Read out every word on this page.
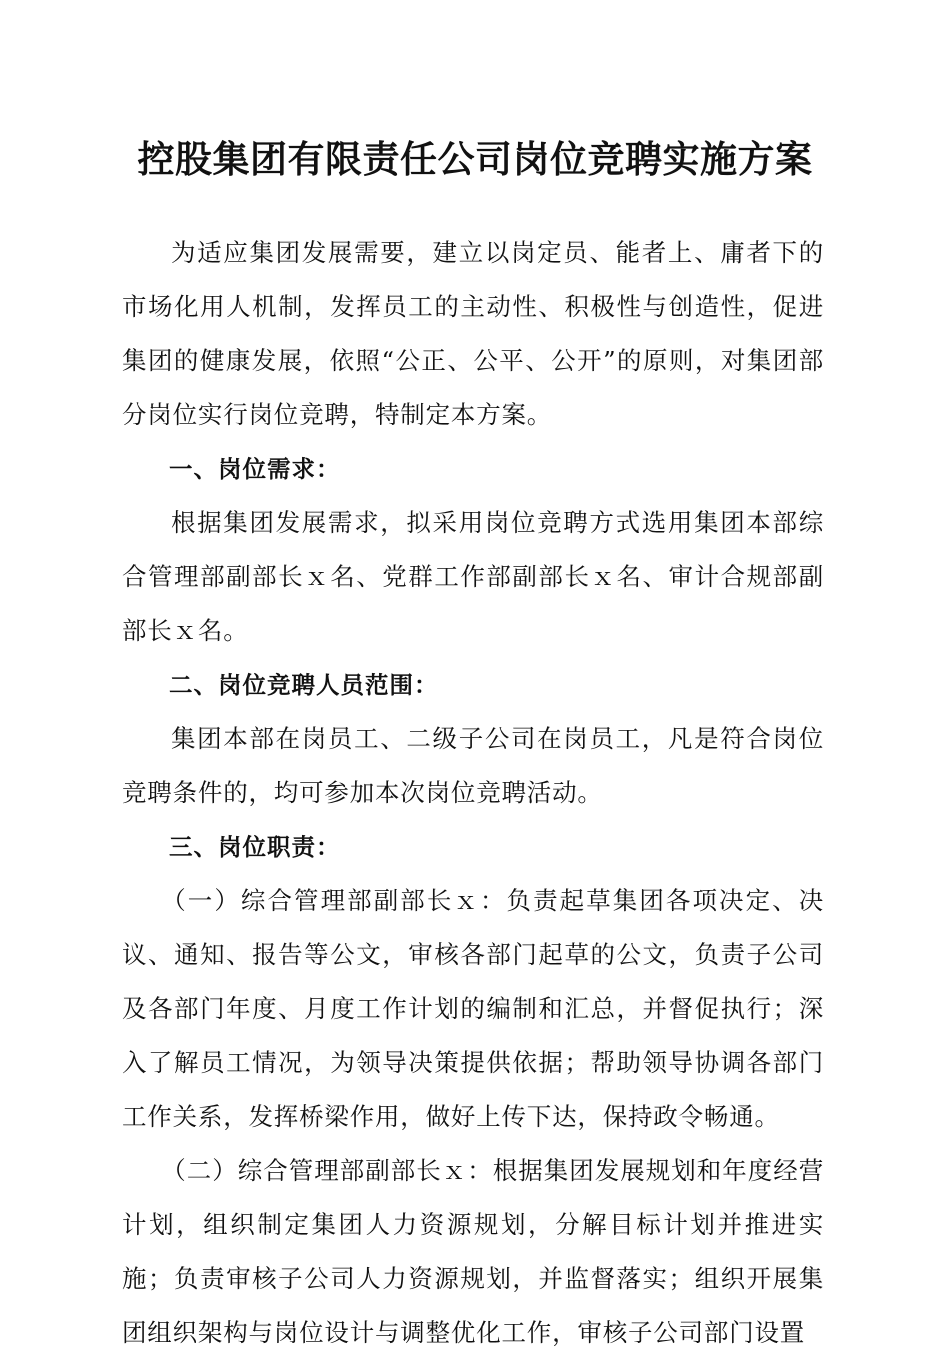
控股集团有限责任公司岗位竞聘实施方案

为适应集团发展需要，建立以岗定员、能者上、庸者下的市场化用人机制，发挥员工的主动性、积极性与创造性，促进集团的健康发展，依照“公正、公平、公开”的原则，对集团部分岗位实行岗位竞聘，特制定本方案。

一、岗位需求：

根据集团发展需求，拟采用岗位竞聘方式选用集团本部综合管理部副部长ｘ名、党群工作部副部长ｘ名、审计合规部副部长ｘ名。

二、岗位竞聘人员范围：

集团本部在岗员工、二级子公司在岗员工，凡是符合岗位竞聘条件的，均可参加本次岗位竞聘活动。

三、岗位职责：

（一）综合管理部副部长ｘ：负责起草集团各项决定、决议、通知、报告等公文，审核各部门起草的公文，负责子公司及各部门年度、月度工作计划的编制和汇总，并督促执行；深入了解员工情况，为领导决策提供依据；帮助领导协调各部门工作关系，发挥桥梁作用，做好上传下达，保持政令畅通。

（二）综合管理部副部长ｘ：根据集团发展规划和年度经营计划，组织制定集团人力资源规划，分解目标计划并推进实施；负责审核子公司人力资源规划，并监督落实；组织开展集团组织架构与岗位设计与调整优化工作，审核子公司部门设置
